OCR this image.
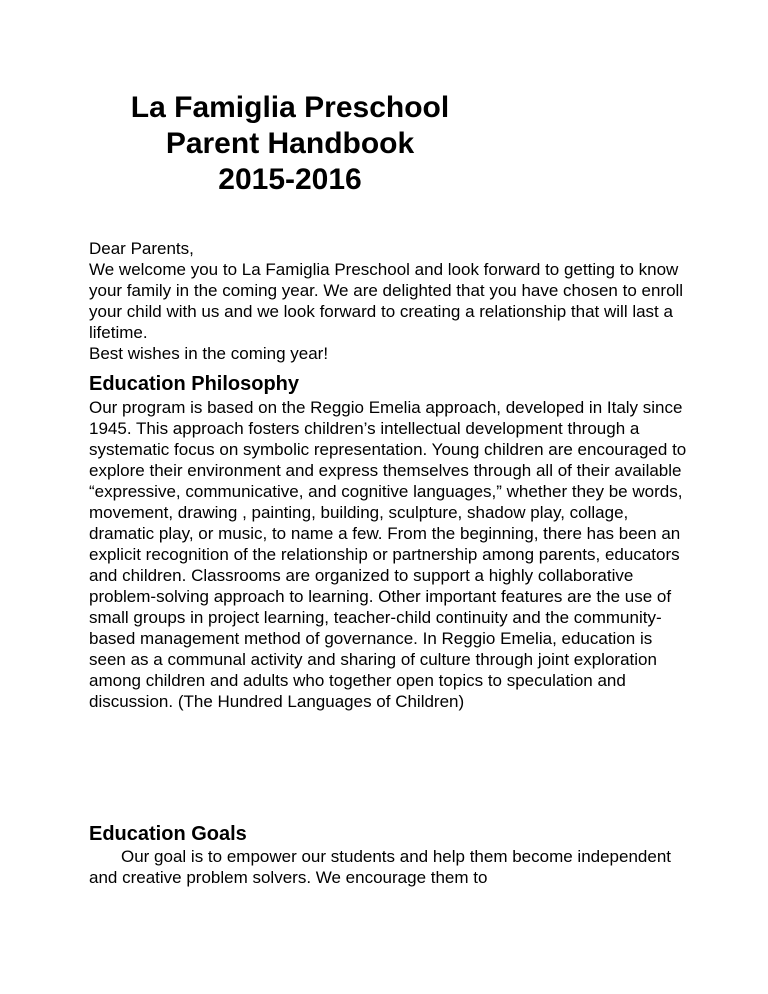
La Famiglia Preschool
Parent Handbook
2015-2016

Dear Parents,

We welcome you to La Famiglia Preschool and look forward to getting to know your family in the coming year. We are delighted that you have chosen to enroll your child with us and we look forward to creating a relationship that will last a lifetime.

Best wishes in the coming year!

Education Philosophy

Our program is based on the Reggio Emelia approach, developed in Italy since 1945. This approach fosters children’s intellectual development through a systematic focus on symbolic representation. Young children are encouraged to explore their environment and express themselves through all of their available “expressive, communicative, and cognitive languages,” whether they be words, movement, drawing , painting, building, sculpture, shadow play, collage, dramatic play, or music, to name a few. From the beginning, there has been an explicit recognition of the relationship or partnership among parents, educators and children. Classrooms are organized to support a highly collaborative problem-solving approach to learning. Other important features are the use of small groups in project learning, teacher-child continuity and the community-based management method of governance. In Reggio Emelia, education is seen as a communal activity and sharing of culture through joint exploration among children and adults who together open topics to speculation and discussion. (The Hundred Languages of Children)

Education Goals

Our goal is to empower our students and help them become independent and creative problem solvers. We encourage them to
